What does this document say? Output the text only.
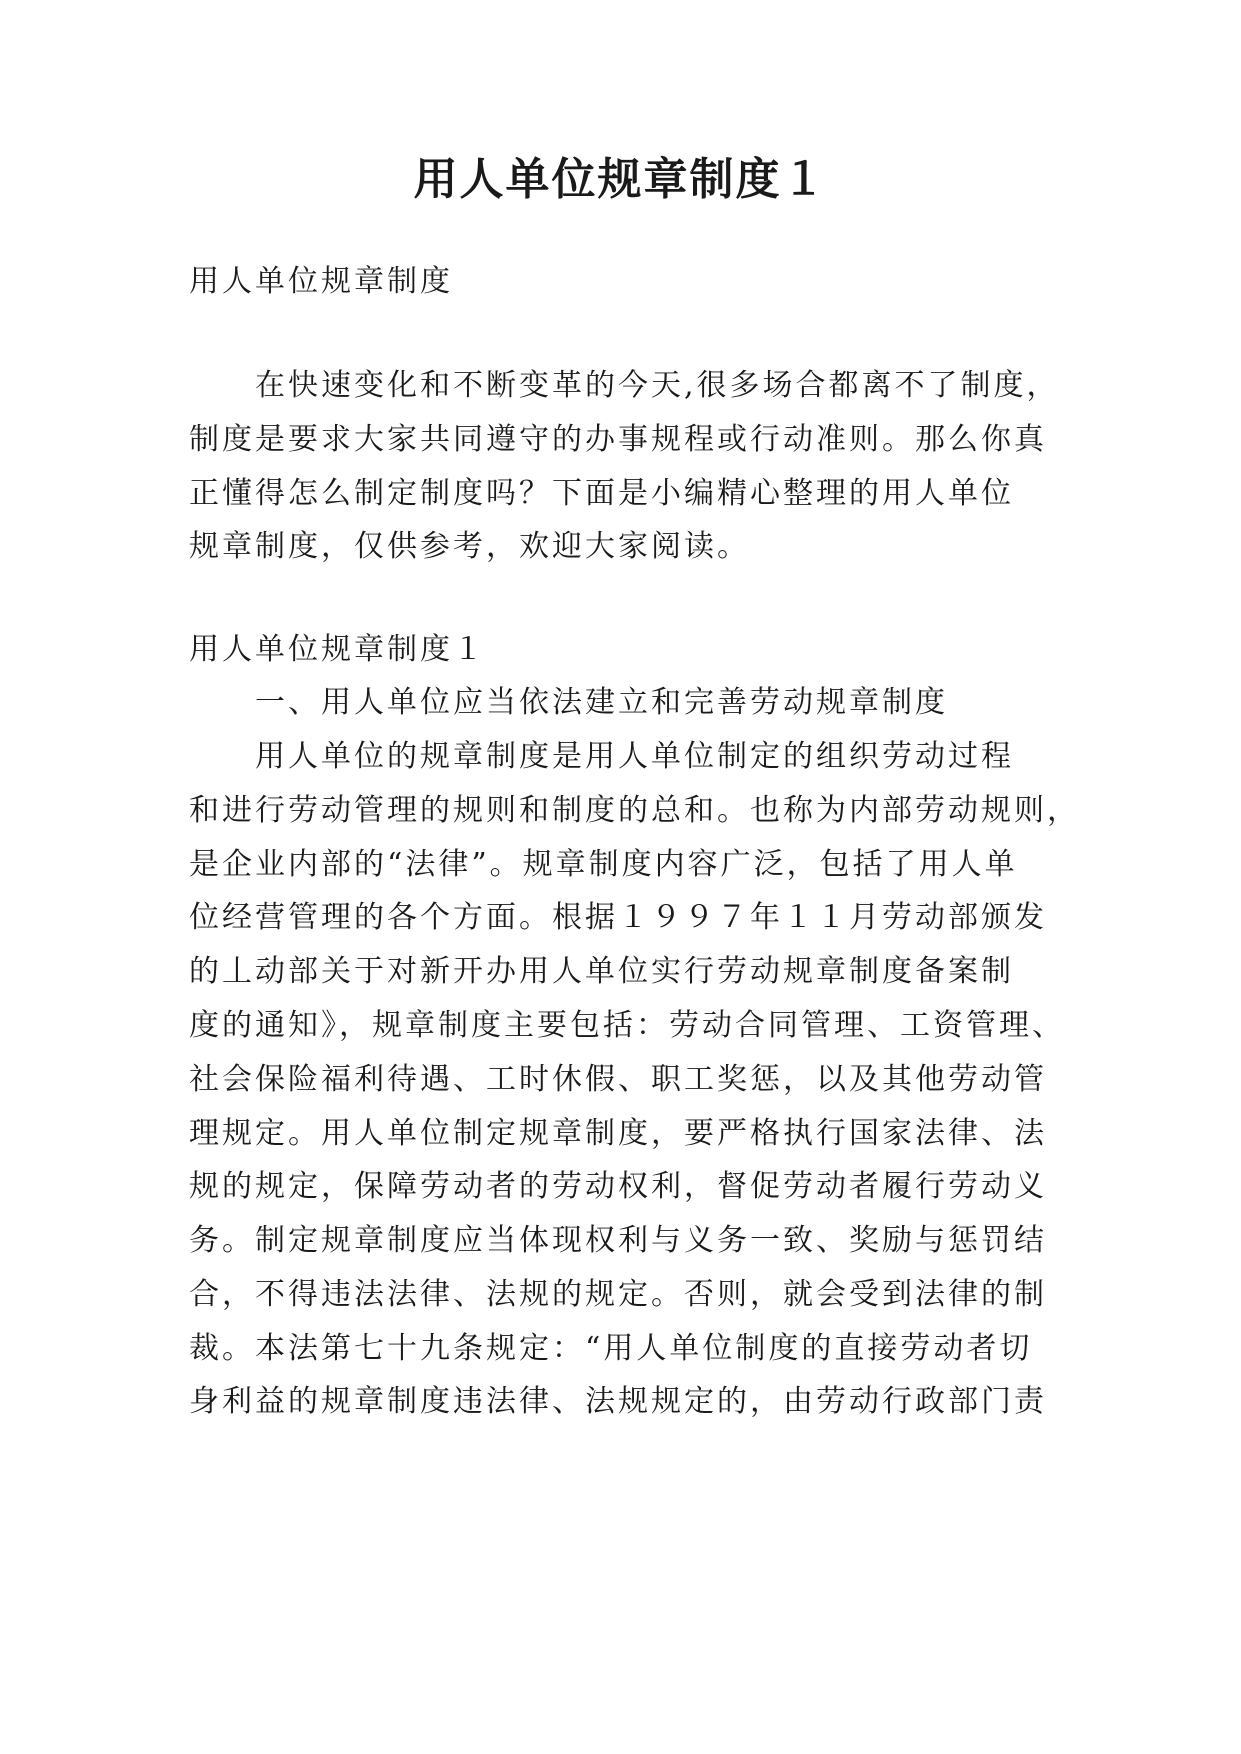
用人单位规章制度１
用人单位规章制度
在快速变化和不断变革的今天,很多场合都离不了制度，
制度是要求大家共同遵守的办事规程或行动准则。那么你真
正懂得怎么制定制度吗？下面是小编精心整理的用人单位
规章制度，仅供参考，欢迎大家阅读。
用人单位规章制度１
一、用人单位应当依法建立和完善劳动规章制度
用人单位的规章制度是用人单位制定的组织劳动过程
和进行劳动管理的规则和制度的总和。也称为内部劳动规则，
是企业内部的“法律”。规章制度内容广泛，包括了用人单
位经营管理的各个方面。根据１９９７年１１月劳动部颁发
的丄动部关于对新开办用人单位实行劳动规章制度备案制
度的通知》，规章制度主要包括：劳动合同管理、工资管理、
社会保险福利待遇、工时休假、职工奖惩，以及其他劳动管
理规定。用人单位制定规章制度，要严格执行国家法律、法
规的规定，保障劳动者的劳动权利，督促劳动者履行劳动义
务。制定规章制度应当体现权利与义务一致、奖励与惩罚结
合，不得违法法律、法规的规定。否则，就会受到法律的制
裁。本法第七十九条规定：“用人单位制度的直接劳动者切
身利益的规章制度违法律、法规规定的，由劳动行政部门责
